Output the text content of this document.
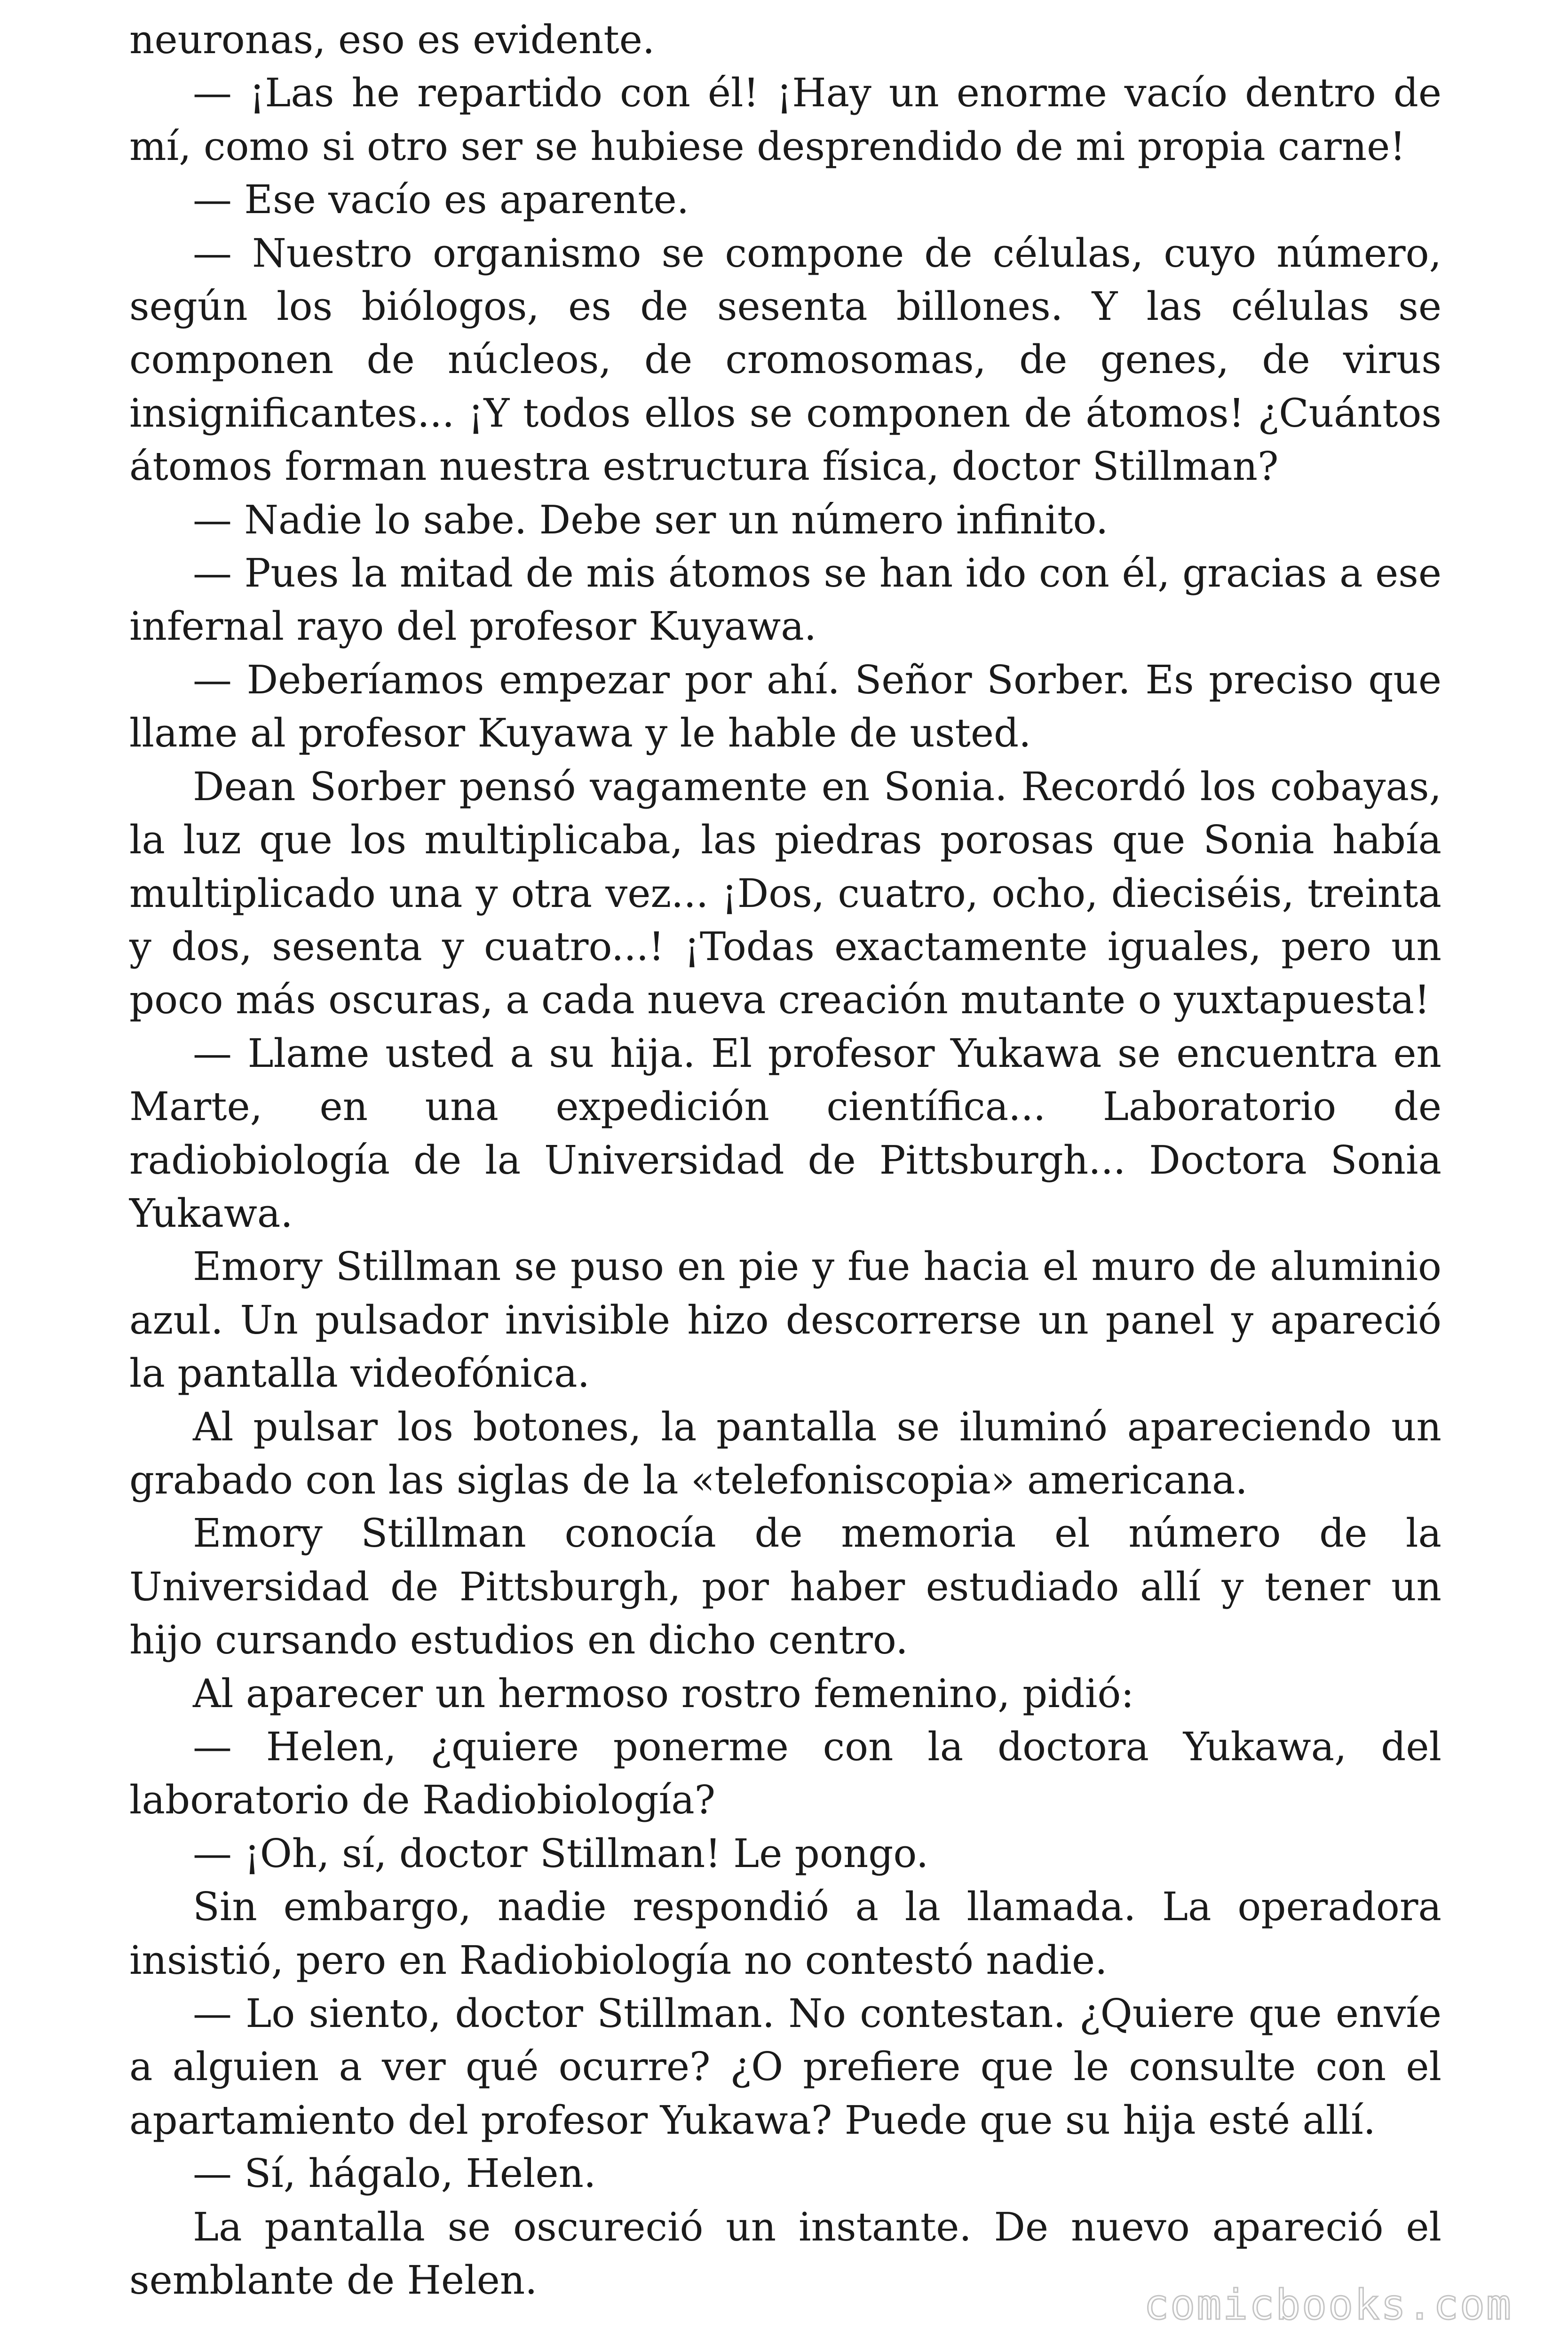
neuronas, eso es evidente.

— ¡Las he repartido con él! ¡Hay un enorme vacío dentro de mí, como si otro ser se hubiese desprendido de mi propia carne!

— Ese vacío es aparente.

— Nuestro organismo se compone de células, cuyo número, según los biólogos, es de sesenta billones. Y las células se componen de núcleos, de cromosomas, de genes, de virus insignificantes... ¡Y todos ellos se componen de átomos! ¿Cuántos átomos forman nuestra estructura física, doctor Stillman?

— Nadie lo sabe. Debe ser un número infinito.

— Pues la mitad de mis átomos se han ido con él, gracias a ese infernal rayo del profesor Kuyawa.

— Deberíamos empezar por ahí. Señor Sorber. Es preciso que llame al profesor Kuyawa y le hable de usted.

Dean Sorber pensó vagamente en Sonia. Recordó los cobayas, la luz que los multiplicaba, las piedras porosas que Sonia había multiplicado una y otra vez... ¡Dos, cuatro, ocho, dieciséis, treinta y dos, sesenta y cuatro...! ¡Todas exactamente iguales, pero un poco más oscuras, a cada nueva creación mutante o yuxtapuesta!

— Llame usted a su hija. El profesor Yukawa se encuentra en Marte, en una expedición científica... Laboratorio de radiobiología de la Universidad de Pittsburgh... Doctora Sonia Yukawa.

Emory Stillman se puso en pie y fue hacia el muro de aluminio azul. Un pulsador invisible hizo descorrerse un panel y apareció la pantalla videofónica.

Al pulsar los botones, la pantalla se iluminó apareciendo un grabado con las siglas de la «telefoniscopia» americana.

Emory Stillman conocía de memoria el número de la Universidad de Pittsburgh, por haber estudiado allí y tener un hijo cursando estudios en dicho centro.

Al aparecer un hermoso rostro femenino, pidió:

— Helen, ¿quiere ponerme con la doctora Yukawa, del laboratorio de Radiobiología?

— ¡Oh, sí, doctor Stillman! Le pongo.

Sin embargo, nadie respondió a la llamada. La operadora insistió, pero en Radiobiología no contestó nadie.

— Lo siento, doctor Stillman. No contestan. ¿Quiere que envíe a alguien a ver qué ocurre? ¿O prefiere que le consulte con el apartamiento del profesor Yukawa? Puede que su hija esté allí.

— Sí, hágalo, Helen.

La pantalla se oscureció un instante. De nuevo apareció el semblante de Helen.

comicbooks.com
